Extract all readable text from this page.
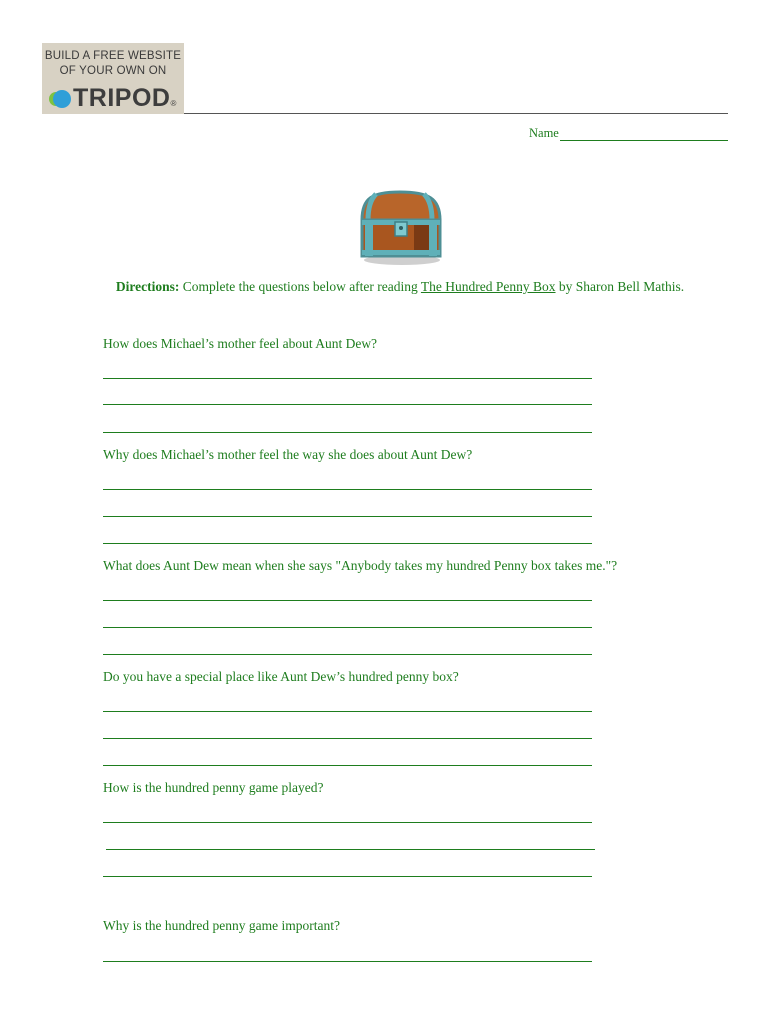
BUILD A FREE WEBSITE
OF YOUR OWN ON
TRIPOD ®
Name
Directions: Complete the questions below after reading The Hundred Penny Box by Sharon Bell Mathis.
How does Michael’s mother feel about Aunt Dew?
Why does Michael’s mother feel the way she does about Aunt Dew?
What does Aunt Dew mean when she says "Anybody takes my hundred Penny box takes me."?
Do you have a special place like Aunt Dew’s hundred penny box?
How is the hundred penny game played?
Why is the hundred penny game important?
